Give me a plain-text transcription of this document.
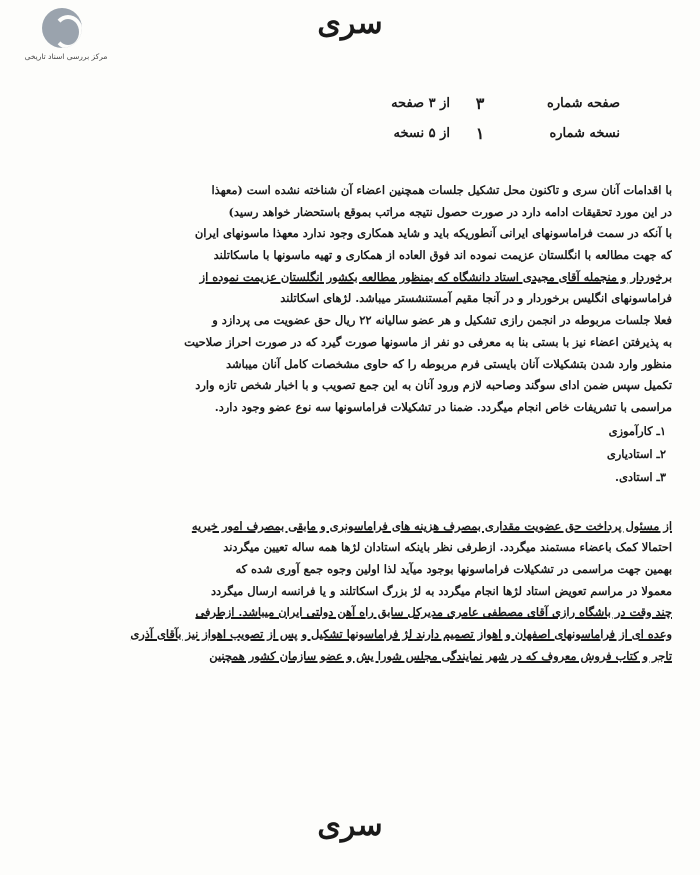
مرکز بررسی اسناد تاریخی
سری
صفحه شماره
۳
از ۳ صفحه
نسخه شماره
۱
از ۵ نسخه
با اقدامات آنان سری و تاکنون محل تشکیل جلسات همچنین اعضاء آن شناخته نشده است (معهذا
در این مورد تحقیقات ادامه دارد در صورت حصول نتیجه مراتب بموقع باستحضار خواهد رسید)
با آنکه در سمت فراماسونهای ایرانی آنطوریکه باید و شاید همکاری وجود ندارد معهذا ماسونهای ایران
که جهت مطالعه با انگلستان عزیمت نموده اند فوق العاده از همکاری و تهیه ماسونها با ماسکاتلند
برخوردار و منجمله آقای مجیدی استاد دانشگاه که بمنظور مطالعه بکشور انگلستان عزیمت نموده از
فراماسونهای انگلیس برخوردار و در آنجا مقیم آمستنشستر میباشد. لژهای اسکاتلند
فعلا جلسات مربوطه در انجمن رازی تشکیل و هر عضو سالیانه ۲۲ ریال حق عضویت می پردازد و
به پذیرفتن اعضاء نیز با بستی بنا به معرفی دو نفر از ماسونها صورت گیرد که در صورت احراز صلاحیت
منظور وارد شدن بتشکیلات آنان بایستی فرم مربوطه را که حاوی مشخصات کامل آنان میباشد
تکمیل سپس ضمن ادای سوگند وصاحبه لازم ورود آنان به این جمع تصویب و با اخبار شخص تازه وارد
مراسمی با تشریفات خاص انجام میگردد. ضمنا در تشکیلات فراماسونها سه نوع عضو وجود دارد.
۱ـ کارآموزی
۲ـ استادیاری
۳ـ استادی.
از مسئول پرداخت حق عضویت مقداری بمصرف هزینه های فراماسونری و مابقی بمصرف امور خیریه
احتمالا کمک باعضاء مستمند میگردد. ازطرفی نظر باینکه استادان لژها همه ساله تعیین میگردند
بهمین جهت مراسمی در تشکیلات فراماسونها بوجود میآید لذا اولین وجوه جمع آوری شده که
معمولا در مراسم تعویض استاد لژها انجام میگردد به لژ بزرگ اسکاتلند و یا فرانسه ارسال میگردد
چند وقت در باشگاه رازی آقای مصطفی عامری مدیرکل سابق راه آهن دولتی ایران میباشد. ازطرفی
وعده ای از فراماسونهای اصفهان و اهواز تصمیم دارند لژ فراماسونها تشکیل و پس از تصویب اهواز نیز بآقای آذری
تاجر و کتاب فروش معروف که در شهر نمایندگی مجلس شورا یش و عضو سازمان کشور همچنین
سری
